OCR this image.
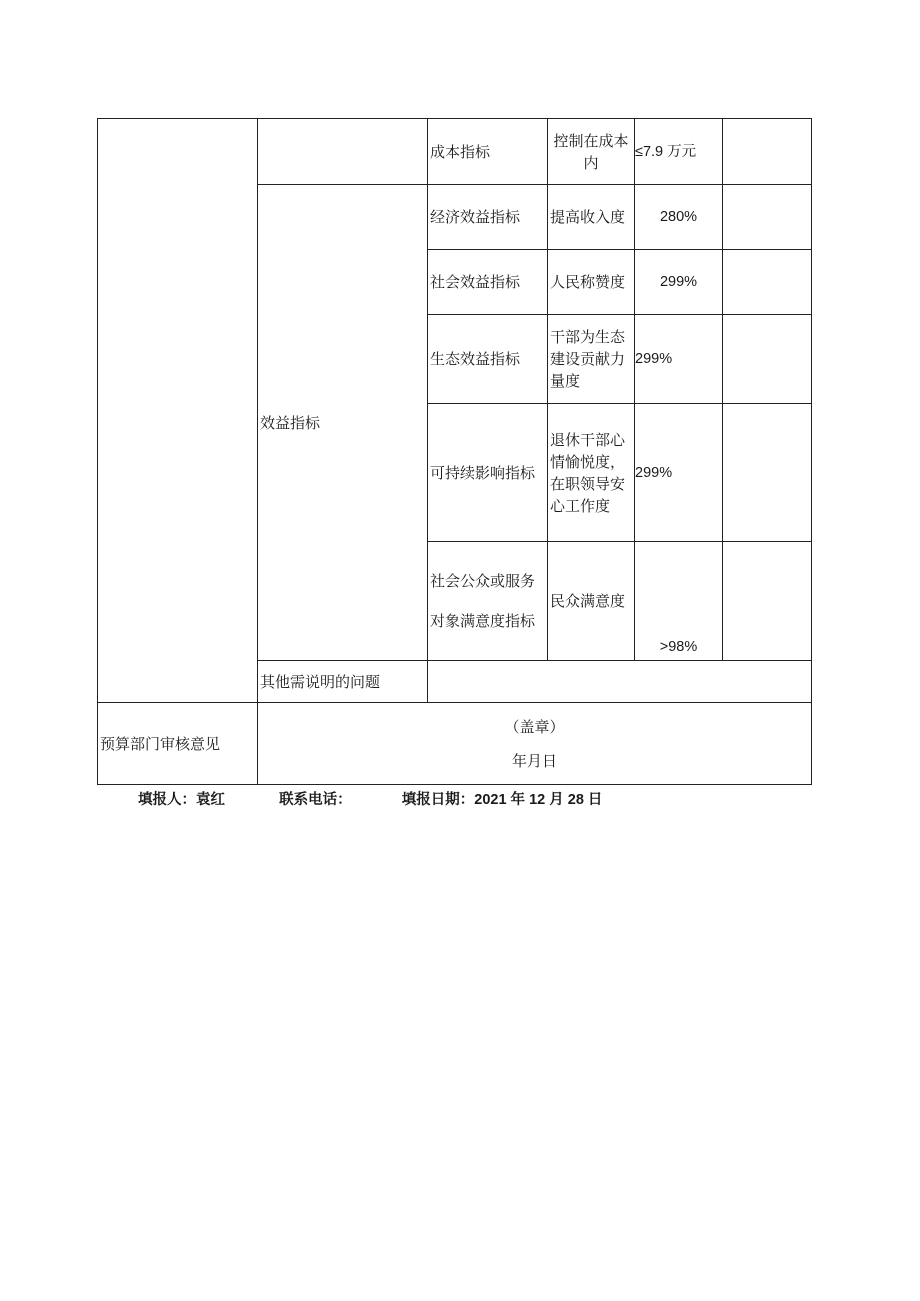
		成本指标	控制在成本内	≤7.9 万元	
	效益指标	经济效益指标	提高收入度	280%	
		社会效益指标	人民称赞度	299%	
		生态效益指标	干部为生态建设贡献力量度	299%	
		可持续影响指标	退休干部心情愉悦度，在职领导安心工作度	299%	
		社会公众或服务对象满意度指标	民众满意度	>98%	
	其他需说明的问题				
预算部门审核意见	（盖章）
年月日				
填报人：袁红	联系电话：	填报日期：2021 年 12 月 28 日
